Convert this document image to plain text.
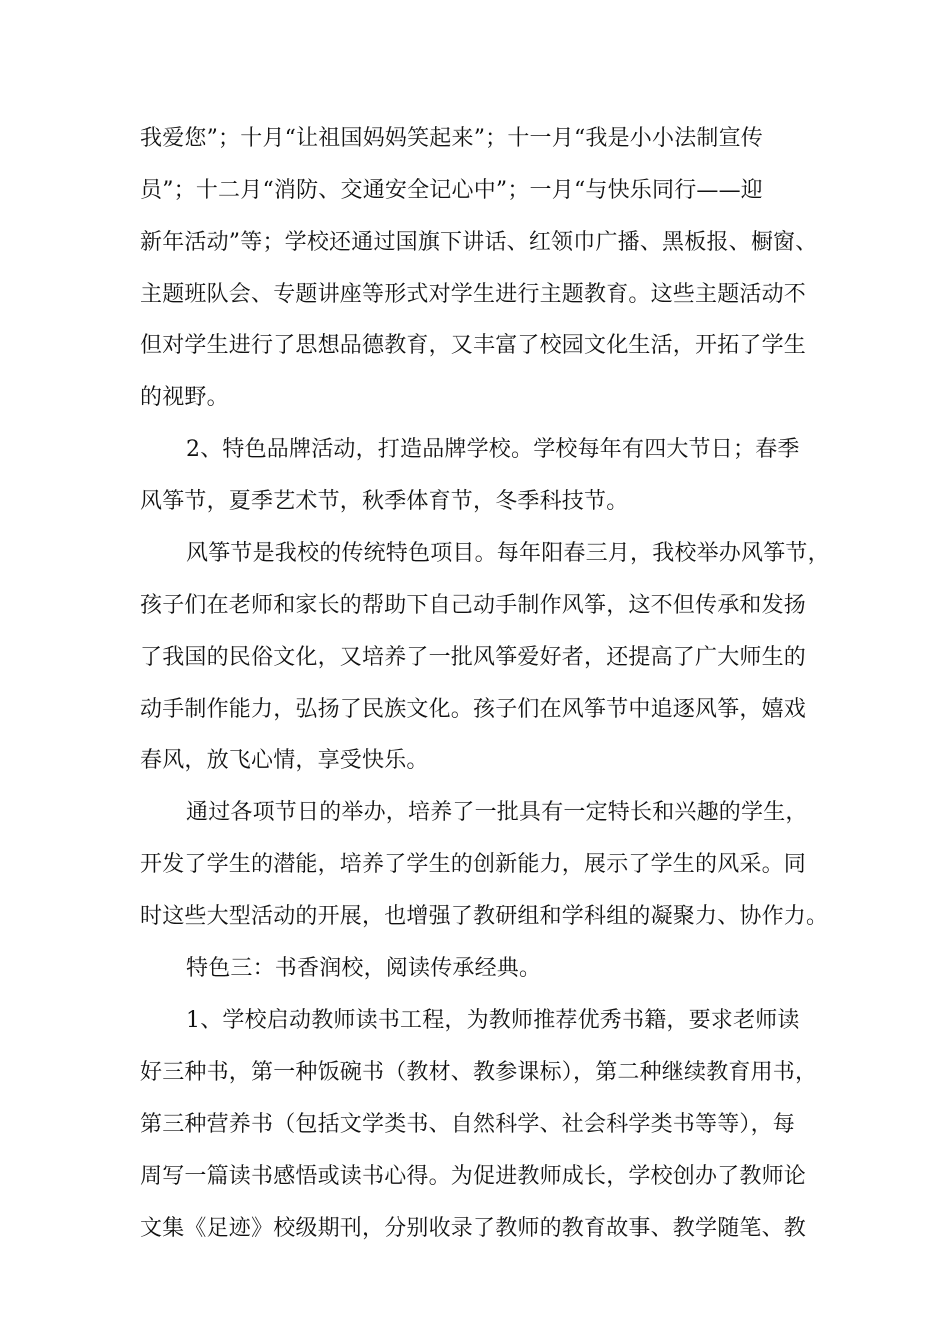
我爱您”；十月“让祖国妈妈笑起来”；十一月“我是小小法制宣传
员”；十二月“消防、交通安全记心中”；一月“与快乐同行——迎
新年活动”等；学校还通过国旗下讲话、红领巾广播、黑板报、橱窗、
主题班队会、专题讲座等形式对学生进行主题教育。这些主题活动不
但对学生进行了思想品德教育，又丰富了校园文化生活，开拓了学生
的视野。
2、特色品牌活动，打造品牌学校。学校每年有四大节日；春季
风筝节，夏季艺术节，秋季体育节，冬季科技节。
风筝节是我校的传统特色项目。每年阳春三月，我校举办风筝节，
孩子们在老师和家长的帮助下自己动手制作风筝，这不但传承和发扬
了我国的民俗文化，又培养了一批风筝爱好者，还提高了广大师生的
动手制作能力，弘扬了民族文化。孩子们在风筝节中追逐风筝，嬉戏
春风，放飞心情，享受快乐。
通过各项节日的举办，培养了一批具有一定特长和兴趣的学生，
开发了学生的潜能，培养了学生的创新能力，展示了学生的风采。同
时这些大型活动的开展，也增强了教研组和学科组的凝聚力、协作力。
特色三：书香润校，阅读传承经典。
1、学校启动教师读书工程，为教师推荐优秀书籍，要求老师读
好三种书，第一种饭碗书（教材、教参课标），第二种继续教育用书，
第三种营养书（包括文学类书、自然科学、社会科学类书等等），每
周写一篇读书感悟或读书心得。为促进教师成长，学校创办了教师论
文集《足迹》校级期刊，分别收录了教师的教育故事、教学随笔、教
